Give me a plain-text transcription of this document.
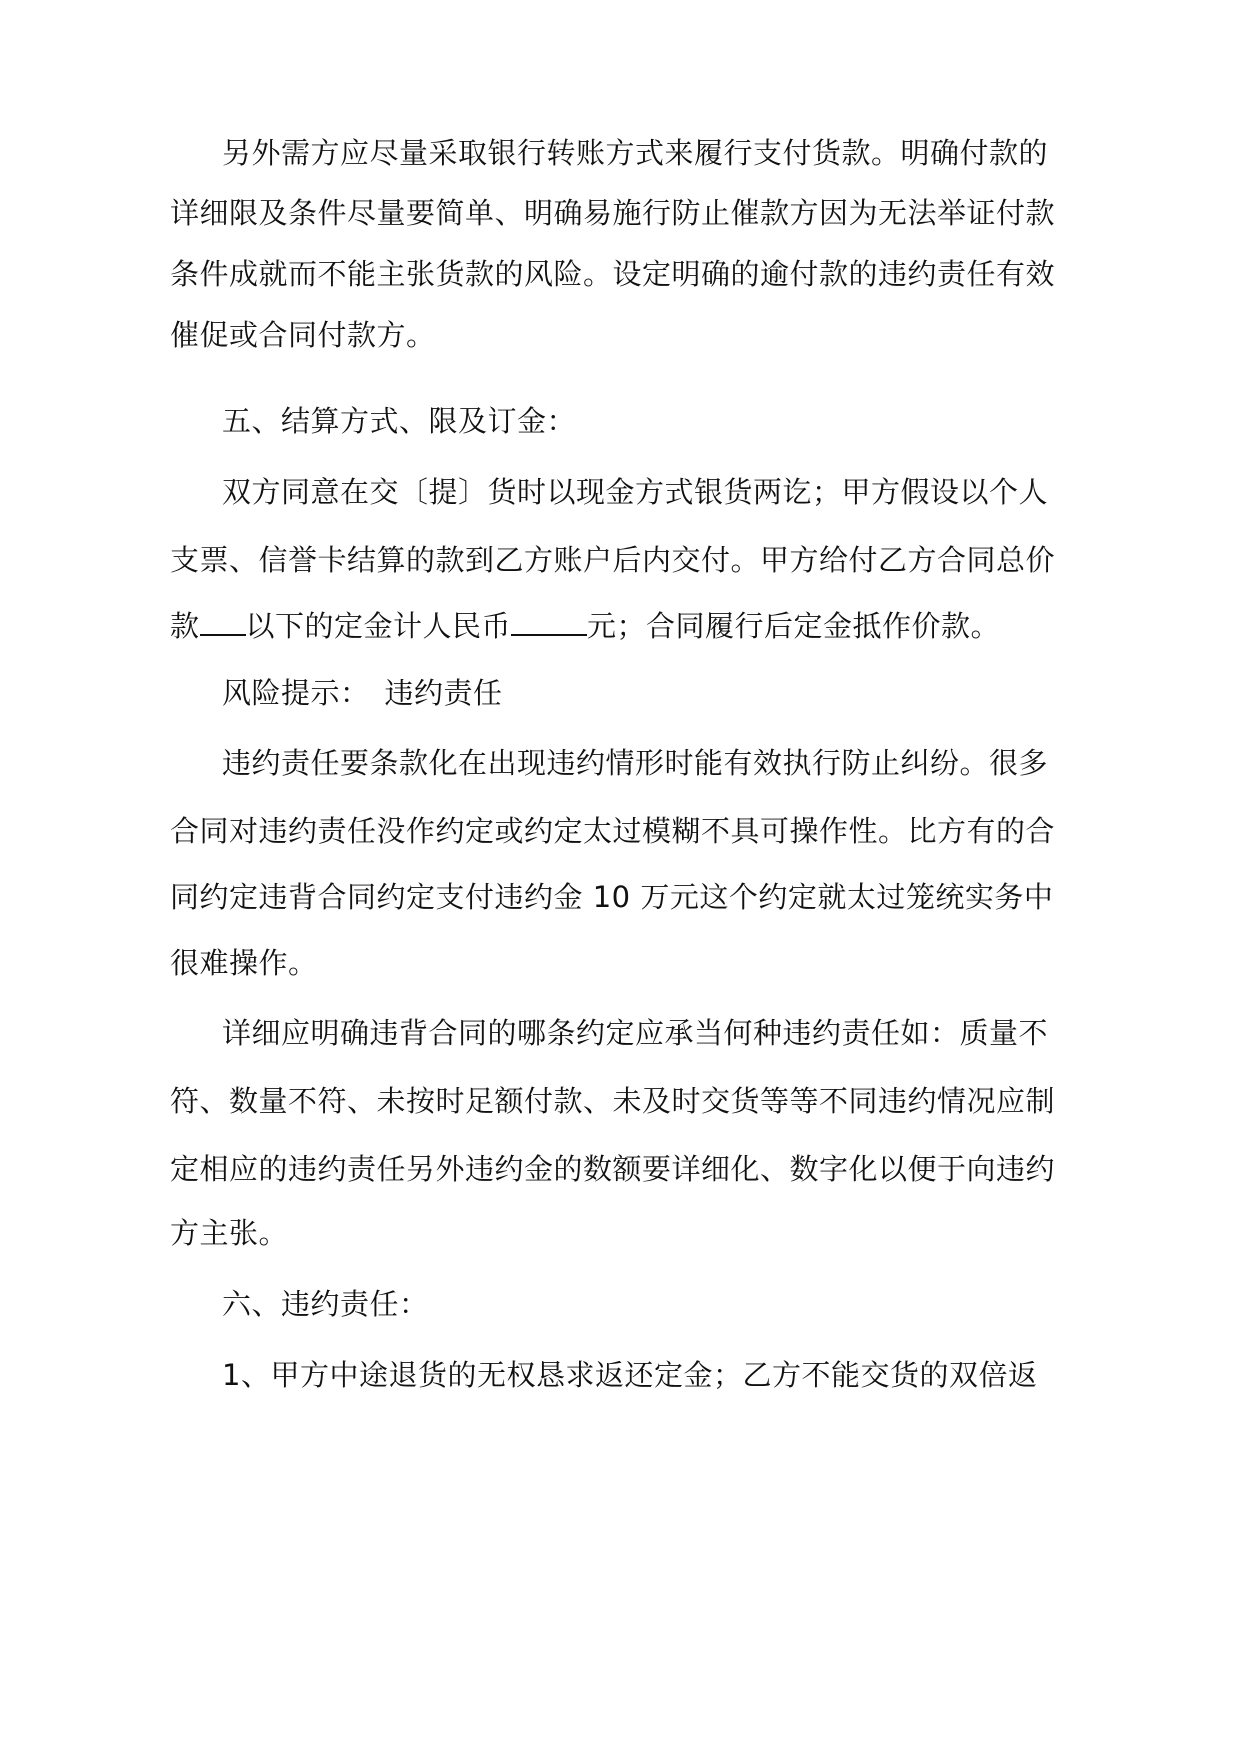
另外需方应尽量采取银行转账方式来履行支付货款。明确付款的
详细限及条件尽量要简单、明确易施行防止催款方因为无法举证付款
条件成就而不能主张货款的风险。设定明确的逾付款的违约责任有效
催促或合同付款方。
五、结算方式、限及订金：
双方同意在交〔提〕货时以现金方式银货两讫；甲方假设以个人
支票、信誉卡结算的款到乙方账户后内交付。甲方给付乙方合同总价
款 以下的定金计人民币	元；合同履行后定金抵作价款。
风险提示：　违约责任
违约责任要条款化在出现违约情形时能有效执行防止纠纷。很多
合同对违约责任没作约定或约定太过模糊不具可操作性。比方有的合
同约定违背合同约定支付违约金 10 万元这个约定就太过笼统实务中
很难操作。
详细应明确违背合同的哪条约定应承当何种违约责任如：质量不
符、数量不符、未按时足额付款、未及时交货等等不同违约情况应制
定相应的违约责任另外违约金的数额要详细化、数字化以便于向违约
方主张。
六、违约责任：
1、甲方中途退货的无权恳求返还定金；乙方不能交货的双倍返
